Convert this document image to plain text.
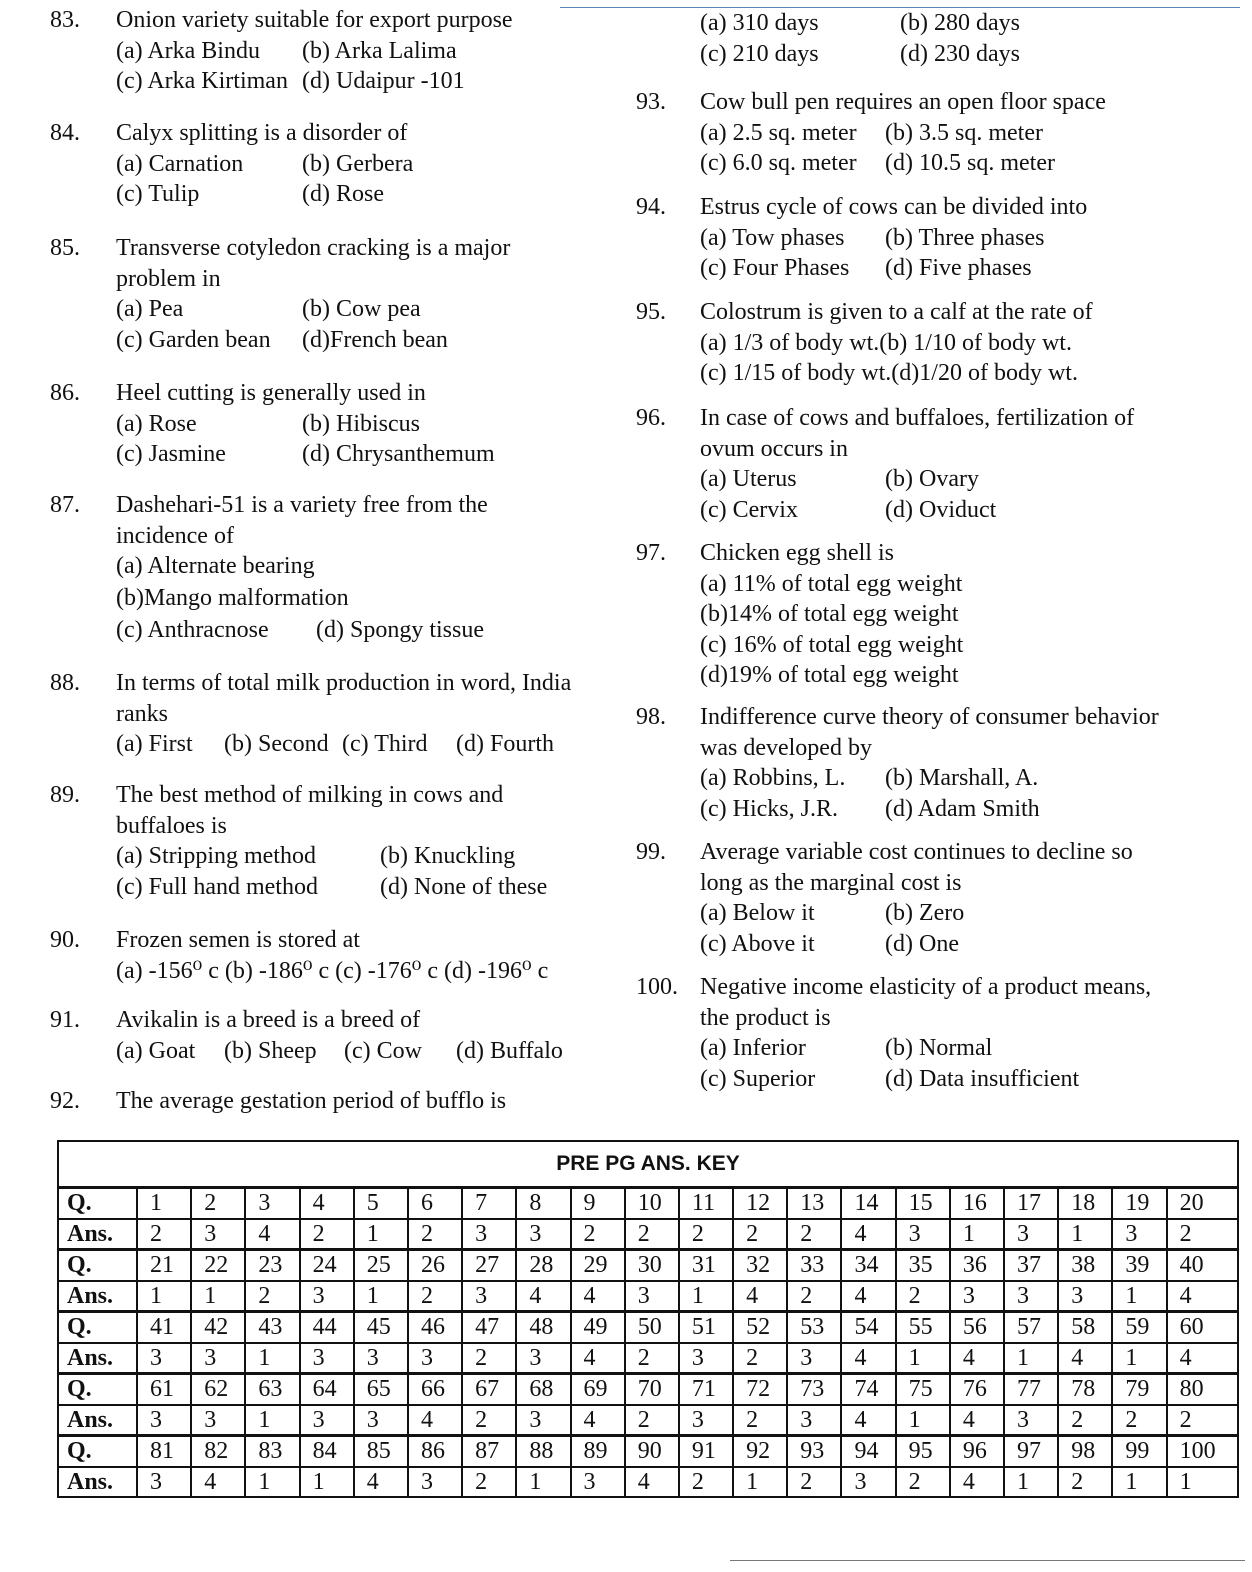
83. Onion variety suitable for export purpose
(a) Arka Bindu (b) Arka Lalima
(c) Arka Kirtiman (d) Udaipur -101
84. Calyx splitting is a disorder of
(a) Carnation (b) Gerbera
(c) Tulip	(d) Rose
85. Transverse cotyledon cracking is a major
problem in
(a) Pea	(b) Cow pea
(c) Garden bean (d)French bean
86. Heel cutting is generally used in
(a) Rose	(b) Hibiscus
(c) Jasmine	(d) Chrysanthemum
87. Dashehari-51 is a variety free from the
incidence of
(a) Alternate bearing
(b)Mango malformation
(c) Anthracnose (d) Spongy tissue
88. In terms of total milk production in word, India
ranks
(a) First (b) Second (c) Third (d) Fourth
89. The best method of milking in cows and
buffaloes is
(a) Stripping method	(b) Knuckling
(c) Full hand method	(d) None of these
90. Frozen semen is stored at
(a) -156⁰ c (b) -186⁰ c (c) -176⁰ c (d) -196⁰ c
91. Avikalin is a breed is a breed of
(a) Goat (b) Sheep (c) Cow (d) Buffalo
92. The average gestation period of bufflo is
(a) 310 days	(b) 280 days
(c) 210 days	(d) 230 days
93. Cow bull pen requires an open floor space
(a) 2.5 sq. meter (b) 3.5 sq. meter
(c) 6.0 sq. meter (d) 10.5 sq. meter
94. Estrus cycle of cows can be divided into
(a) Tow phases (b) Three phases
(c) Four Phases (d) Five phases
95. Colostrum is given to a calf at the rate of
(a) 1/3 of body wt.(b) 1/10 of body wt.
(c) 1/15 of body wt.(d)1/20 of body wt.
96. In case of cows and buffaloes, fertilization of
ovum occurs in
(a) Uterus	(b) Ovary
(c) Cervix	(d) Oviduct
97. Chicken egg shell is
(a) 11% of total egg weight
(b)14% of total egg weight
(c) 16% of total egg weight
(d)19% of total egg weight
98. Indifference curve theory of consumer behavior
was developed by
(a) Robbins, L. (b) Marshall, A.
(c) Hicks, J.R. (d) Adam Smith
99. Average variable cost continues to decline so
long as the marginal cost is
(a) Below it	(b) Zero
(c) Above it	(d) One
100. Negative income elasticity of a product means,
the product is
(a) Inferior	(b) Normal
(c) Superior	(d) Data insufficient
PRE PG ANS. KEY																				
Q.	1	2	3	4	5	6	7	8	9	10	11	12	13	14	15	16	17	18	19	20
Ans.	2	3	4	2	1	2	3	3	2	2	2	2	2	4	3	1	3	1	3	2
Q.	21	22	23	24	25	26	27	28	29	30	31	32	33	34	35	36	37	38	39	40
Ans.	1	1	2	3	1	2	3	4	4	3	1	4	2	4	2	3	3	3	1	4
Q.	41	42	43	44	45	46	47	48	49	50	51	52	53	54	55	56	57	58	59	60
Ans.	3	3	1	3	3	3	2	3	4	2	3	2	3	4	1	4	1	4	1	4
Q.	61	62	63	64	65	66	67	68	69	70	71	72	73	74	75	76	77	78	79	80
Ans.	3	3	1	3	3	4	2	3	4	2	3	2	3	4	1	4	3	2	2	2
Q.	81	82	83	84	85	86	87	88	89	90	91	92	93	94	95	96	97	98	99	100
Ans.	3	4	1	1	4	3	2	1	3	4	2	1	2	3	2	4	1	2	1	1
